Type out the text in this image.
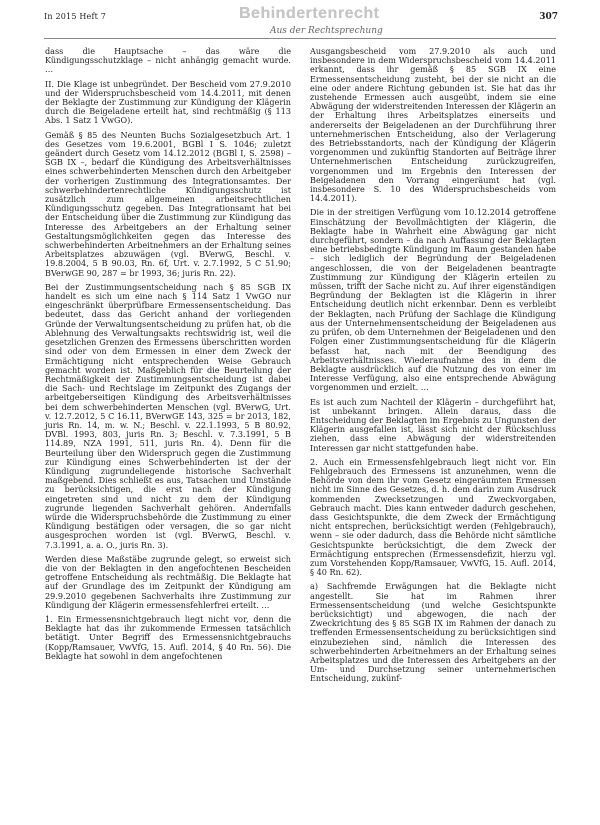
In 2015 Heft 7	Behindertenrecht
Aus der Rechtsprechung
307

dass die Hauptsache – das wäre die Kündigungsschutzklage – nicht anhängig gemacht wurde. …

II. Die Klage ist unbegründet. Der Bescheid vom 27.9.2010 und der Widerspruchsbescheid vom 14.4.2011, mit denen der Beklagte der Zustimmung zur Kündigung der Klägerin durch die Beigeladene erteilt hat, sind rechtmäßig (§ 113 Abs. 1 Satz 1 VwGO).

Gemäß § 85 des Neunten Buchs Sozialgesetzbuch Art. 1 des Gesetzes vom 19.6.2001, BGBl I S. 1046; zuletzt geändert durch Gesetz vom 14.12.2012 (BGBl I, S. 2598) – SGB IX –, bedarf die Kündigung des Arbeitsverhältnisses eines schwerbehinderten Menschen durch den Arbeitgeber der vorherigen Zustimmung des Integrationsamtes. Der schwerbehindertenrechtliche Kündigungsschutz ist zusätzlich zum allgemeinen arbeitsrechtlichen Kündigungsschutz gegeben. Das Integrationsamt hat bei der Entscheidung über die Zustimmung zur Kündigung das Interesse des Arbeitgebers an der Erhaltung seiner Gestaltungsmöglichkeiten gegen das Interesse des schwerbehinderten Arbeitnehmers an der Erhaltung seines Arbeitsplatzes abzuwägen (vgl. BVerwG, Beschl. v. 19.8.2004, 5 B 90.03, Rn. 6f, Urt. v. 2.7.1992, 5 C 51.90; BVerwGE 90, 287 = br 1993, 36; juris Rn. 22).

Bei der Zustimmungsentscheidung nach § 85 SGB IX handelt es sich um eine nach § 114 Satz 1 VwGO nur eingeschränkt überprüfbare Ermessensentscheidung. Das bedeutet, dass das Gericht anhand der vorliegenden Gründe der Verwaltungsentscheidung zu prüfen hat, ob die Ablehnung des Verwaltungsakts rechtswidrig ist, weil die gesetzlichen Grenzen des Ermessens überschritten worden sind oder von dem Ermessen in einer dem Zweck der Ermächtigung nicht entsprechenden Weise Gebrauch gemacht worden ist. Maßgeblich für die Beurteilung der Rechtmäßigkeit der Zustimmungsentscheidung ist dabei die Sach- und Rechtslage im Zeitpunkt des Zugangs der arbeitgeberseitigen Kündigung des Arbeitsverhältnisses bei dem schwerbehinderten Menschen (vgl. BVerwG, Urt. v. 12.7.2012, 5 C 16.11, BVerwGE 143, 325 = br 2013, 182, juris Rn. 14, m. w. N.; Beschl. v. 22.1.1993, 5 B 80.92, DVBl. 1993, 803, juris Rn. 3; Beschl. v. 7.3.1991, 5 B 114.89, NZA 1991, 511, juris Rn. 4). Denn für die Beurteilung über den Widerspruch gegen die Zustimmung zur Kündigung eines Schwerbehinderten ist der der Kündigung zugrundeliegende historische Sachverhalt maßgebend. Dies schließt es aus, Tatsachen und Umstände zu berücksichtigen, die erst nach der Kündigung eingetreten sind und nicht zu dem der Kündigung zugrunde liegenden Sachverhalt gehören. Andernfalls würde die Widerspruchsbehörde die Zustimmung zu einer Kündigung bestätigen oder versagen, die so gar nicht ausgesprochen worden ist (vgl. BVerwG, Beschl. v. 7.3.1991, a. a. O., juris Rn. 3).

Werden diese Maßstäbe zugrunde gelegt, so erweist sich die von der Beklagten in den angefochtenen Bescheiden getroffene Entscheidung als rechtmäßig. Die Beklagte hat auf der Grundlage des im Zeitpunkt der Kündigung am 29.9.2010 gegebenen Sachverhalts ihre Zustimmung zur Kündigung der Klägerin ermessensfehlerfrei erteilt. …

1. Ein Ermessensnichtgebrauch liegt nicht vor, denn die Beklagte hat das ihr zukommende Ermessen tatsächlich betätigt. Unter Begriff des Ermessensnichtgebrauchs (Kopp/Ramsauer, VwVfG, 15. Aufl. 2014, § 40 Rn. 56). Die Beklagte hat sowohl in dem angefochtenen

Ausgangsbescheid vom 27.9.2010 als auch und insbesondere in dem Widerspruchsbescheid vom 14.4.2011 erkannt, dass ihr gemäß § 85 SGB IX eine Ermessensentscheidung zusteht, bei der sie nicht an die eine oder andere Richtung gebunden ist. Sie hat das ihr zustehende Ermessen auch ausgeübt, indem sie eine Abwägung der widerstreitenden Interessen der Klägerin an der Erhaltung ihres Arbeitsplatzes einerseits und andererseits der Beigeladenen an der Durchführung ihrer unternehmerischen Entscheidung, also der Verlagerung des Betriebsstandorts, nach der Kündigung der Klägerin vorgenommen und zukünftig Standorten auf Beiträge ihrer Unternehmerischen Entscheidung zurückzugreifen, vorgenommen und im Ergebnis den Interessen der Beigeladenen den Vorrang eingeräumt hat (vgl. insbesondere S. 10 des Widerspruchsbescheids vom 14.4.2011).

Die in der streitigen Verfügung vom 10.12.2014 getroffene Einschätzung der Bevollmächtigten der Klägerin, die Beklagte habe in Wahrheit eine Abwägung gar nicht durchgeführt, sondern – da nach Auffassung der Beklagten eine betriebsbedingte Kündigung im Raum gestanden habe – sich lediglich der Begründung der Beigeladenen angeschlossen, die von der Beigeladenen beantragte Zustimmung zur Kündigung der Klägerin erteilen zu müssen, trifft der Sache nicht zu. Auf ihrer eigenständigen Begründung der Beklagten ist die Klägerin in ihrer Entscheidung deutlich nicht erkennbar. Denn es verbleibt der Beklagten, nach Prüfung der Sachlage die Kündigung aus der Unternehmensentscheidung der Beigeladenen aus zu prüfen, ob dem Unternehmen der Beigeladenen und den Folgen einer Zustimmungsentscheidung für die Klägerin befasst hat, nach mit der Beendigung des Arbeitsverhältnisses. Wiederaufnahme des in dem die Beklagte ausdrücklich auf die Nutzung des von einer im Interesse Verfügung, also eine entsprechende Abwägung vorgenommen und erzielt. …

Es ist auch zum Nachteil der Klägerin – durchgeführt hat, ist unbekannt bringen. Allein daraus, dass die Entscheidung der Beklagten im Ergebnis zu Ungunsten der Klägerin ausgefallen ist, lässt sich nicht der Rückschluss ziehen, dass eine Abwägung der widerstreitenden Interessen gar nicht stattgefunden habe.

2. Auch ein Ermessensfehlgebrauch liegt nicht vor. Ein Fehlgebrauch des Ermessens ist anzunehmen, wenn die Behörde von dem ihr vom Gesetz eingeräumten Ermessen nicht im Sinne des Gesetzes, d. h. dem darin zum Ausdruck kommenden Zwecksetzungen und Zweckvorgaben, Gebrauch macht. Dies kann entweder dadurch geschehen, dass Gesichtspunkte, die dem Zweck der Ermächtigung nicht entsprechen, berücksichtigt werden (Fehlgebrauch), wenn – sie oder dadurch, dass die Behörde nicht sämtliche Gesichtspunkte berücksichtigt, die dem Zweck der Ermächtigung entsprechen (Ermessensdefizit, hierzu vgl. zum Vorstehenden Kopp/Ramsauer, VwVfG, 15. Aufl. 2014, § 40 Rn. 62).

a) Sachfremde Erwägungen hat die Beklagte nicht angestellt. Sie hat im Rahmen ihrer Ermessensentscheidung (und welche Gesichtspunkte berücksichtigt) und abgewogen, die nach der Zweckrichtung des § 85 SGB IX im Rahmen der danach zu treffenden Ermessensentscheidung zu berücksichtigen sind einzubeziehen sind, nämlich die Interessen des schwerbehinderten Arbeitnehmers an der Erhaltung seines Arbeitsplatzes und die Interessen des Arbeitgebers an der Um- und Durchsetzung seiner unternehmerischen Entscheidung, zukünf-
